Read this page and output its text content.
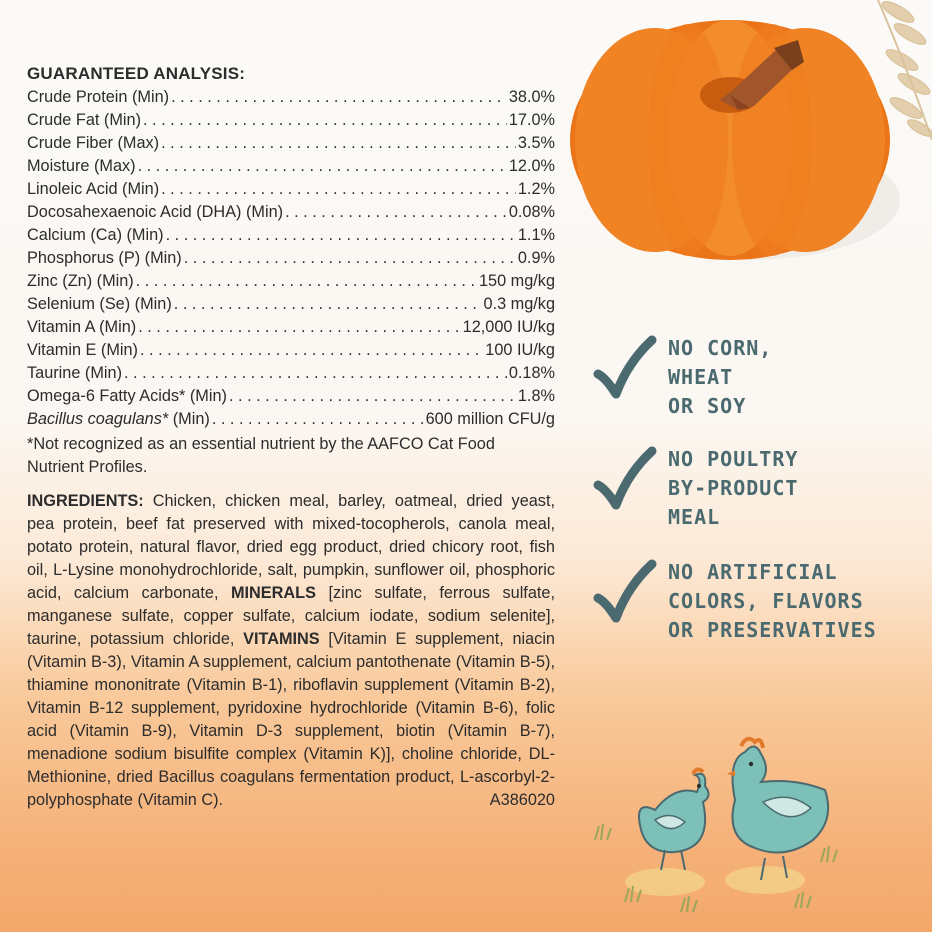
GUARANTEED ANALYSIS:
Crude Protein (Min) . . .	38.0%
Crude Fat (Min) . . .	17.0%
Crude Fiber (Max) . . .	3.5%
Moisture (Max) . . .	12.0%
Linoleic Acid (Min) . . .	1.2%
Docosahexaenoic Acid (DHA) (Min) . . .	0.08%
Calcium (Ca) (Min) . . .	1.1%
Phosphorus (P) (Min) . . .	0.9%
Zinc (Zn) (Min) . . .	150 mg/kg
Selenium (Se) (Min) . . .	0.3 mg/kg
Vitamin A (Min) . . .	12,000 IU/kg
Vitamin E (Min) . . .	100 IU/kg
Taurine (Min) . . .	0.18%
Omega-6 Fatty Acids* (Min) . . .	1.8%
Bacillus coagulans* (Min) . . .	600 million CFU/g
*Not recognized as an essential nutrient by the AAFCO Cat Food Nutrient Profiles.
INGREDIENTS: Chicken, chicken meal, barley, oatmeal, dried yeast, pea protein, beef fat preserved with mixed-tocopherols, canola meal, potato protein, natural flavor, dried egg product, dried chicory root, fish oil, L-Lysine monohydrochloride, salt, pumpkin, sunflower oil, phosphoric acid, calcium carbonate, MINERALS [zinc sulfate, ferrous sulfate, manganese sulfate, copper sulfate, calcium iodate, sodium selenite], taurine, potassium chloride, VITAMINS [Vitamin E supplement, niacin (Vitamin B-3), Vitamin A supplement, calcium pantothenate (Vitamin B-5), thiamine mononitrate (Vitamin B-1), riboflavin supplement (Vitamin B-2), Vitamin B-12 supplement, pyridoxine hydrochloride (Vitamin B-6), folic acid (Vitamin B-9), Vitamin D-3 supplement, biotin (Vitamin B-7), menadione sodium bisulfite complex (Vitamin K)], choline chloride, DL-Methionine, dried Bacillus coagulans fermentation product, L-ascorbyl-2-polyphosphate (Vitamin C).	A386020
NO CORN,
WHEAT
OR SOY
NO POULTRY
BY-PRODUCT
MEAL
NO ARTIFICIAL
COLORS, FLAVORS
OR PRESERVATIVES
